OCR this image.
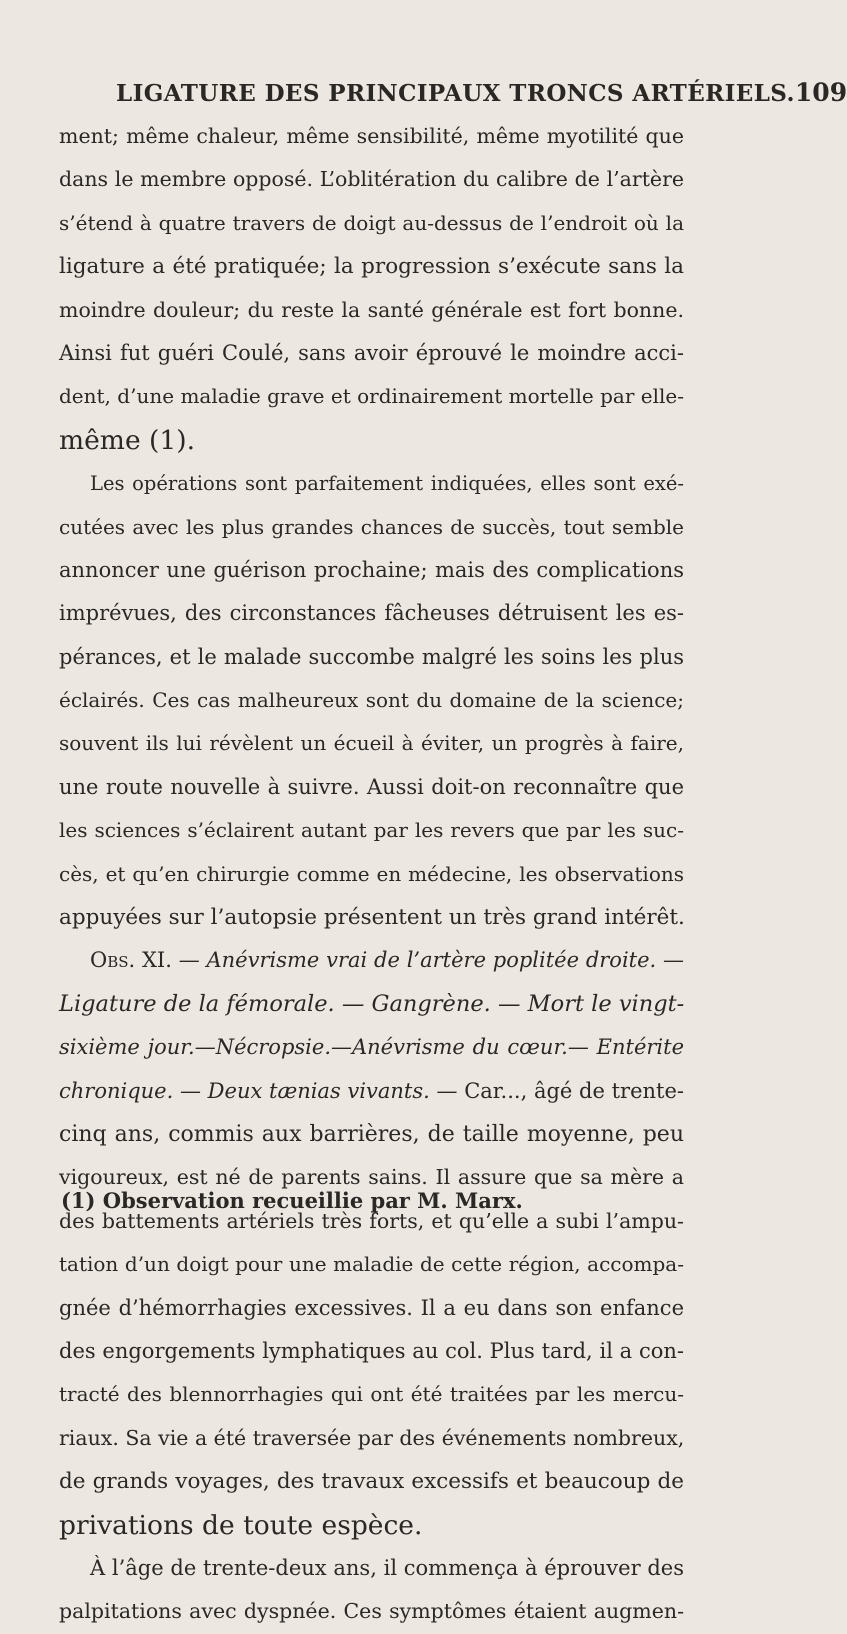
LIGATURE DES PRINCIPAUX TRONCS ARTÉRIELS. 109
ment; même chaleur, même sensibilité, même myotilité que
dans le membre opposé. L’oblitération du calibre de l’artère
s’étend à quatre travers de doigt au-dessus de l’endroit où la
ligature a été pratiquée; la progression s’exécute sans la
moindre douleur; du reste la santé générale est fort bonne.
Ainsi fut guéri Coulé, sans avoir éprouvé le moindre acci-
dent, d’une maladie grave et ordinairement mortelle par elle-
même (1).
Les opérations sont parfaitement indiquées, elles sont exé-
cutées avec les plus grandes chances de succès, tout semble
annoncer une guérison prochaine; mais des complications
imprévues, des circonstances fâcheuses détruisent les es-
pérances, et le malade succombe malgré les soins les plus
éclairés. Ces cas malheureux sont du domaine de la science;
souvent ils lui révèlent un écueil à éviter, un progrès à faire,
une route nouvelle à suivre. Aussi doit-on reconnaître que
les sciences s’éclairent autant par les revers que par les suc-
cès, et qu’en chirurgie comme en médecine, les observations
appuyées sur l’autopsie présentent un très grand intérêt.
Obs. XI. — Anévrisme vrai de l’artère poplitée droite. —
Ligature de la fémorale. — Gangrène. — Mort le vingt-
sixième jour.—Nécropsie.—Anévrisme du cœur.— Entérite
chronique. — Deux tænias vivants. — Car..., âgé de trente-
cinq ans, commis aux barrières, de taille moyenne, peu
vigoureux, est né de parents sains. Il assure que sa mère a
des battements artériels très forts, et qu’elle a subi l’ampu-
tation d’un doigt pour une maladie de cette région, accompa-
gnée d’hémorrhagies excessives. Il a eu dans son enfance
des engorgements lymphatiques au col. Plus tard, il a con-
tracté des blennorrhagies qui ont été traitées par les mercu-
riaux. Sa vie a été traversée par des événements nombreux,
de grands voyages, des travaux excessifs et beaucoup de
privations de toute espèce.
À l’âge de trente-deux ans, il commença à éprouver des
palpitations avec dyspnée. Ces symptômes étaient augmen-
(1) Observation recueillie par M. Marx.
